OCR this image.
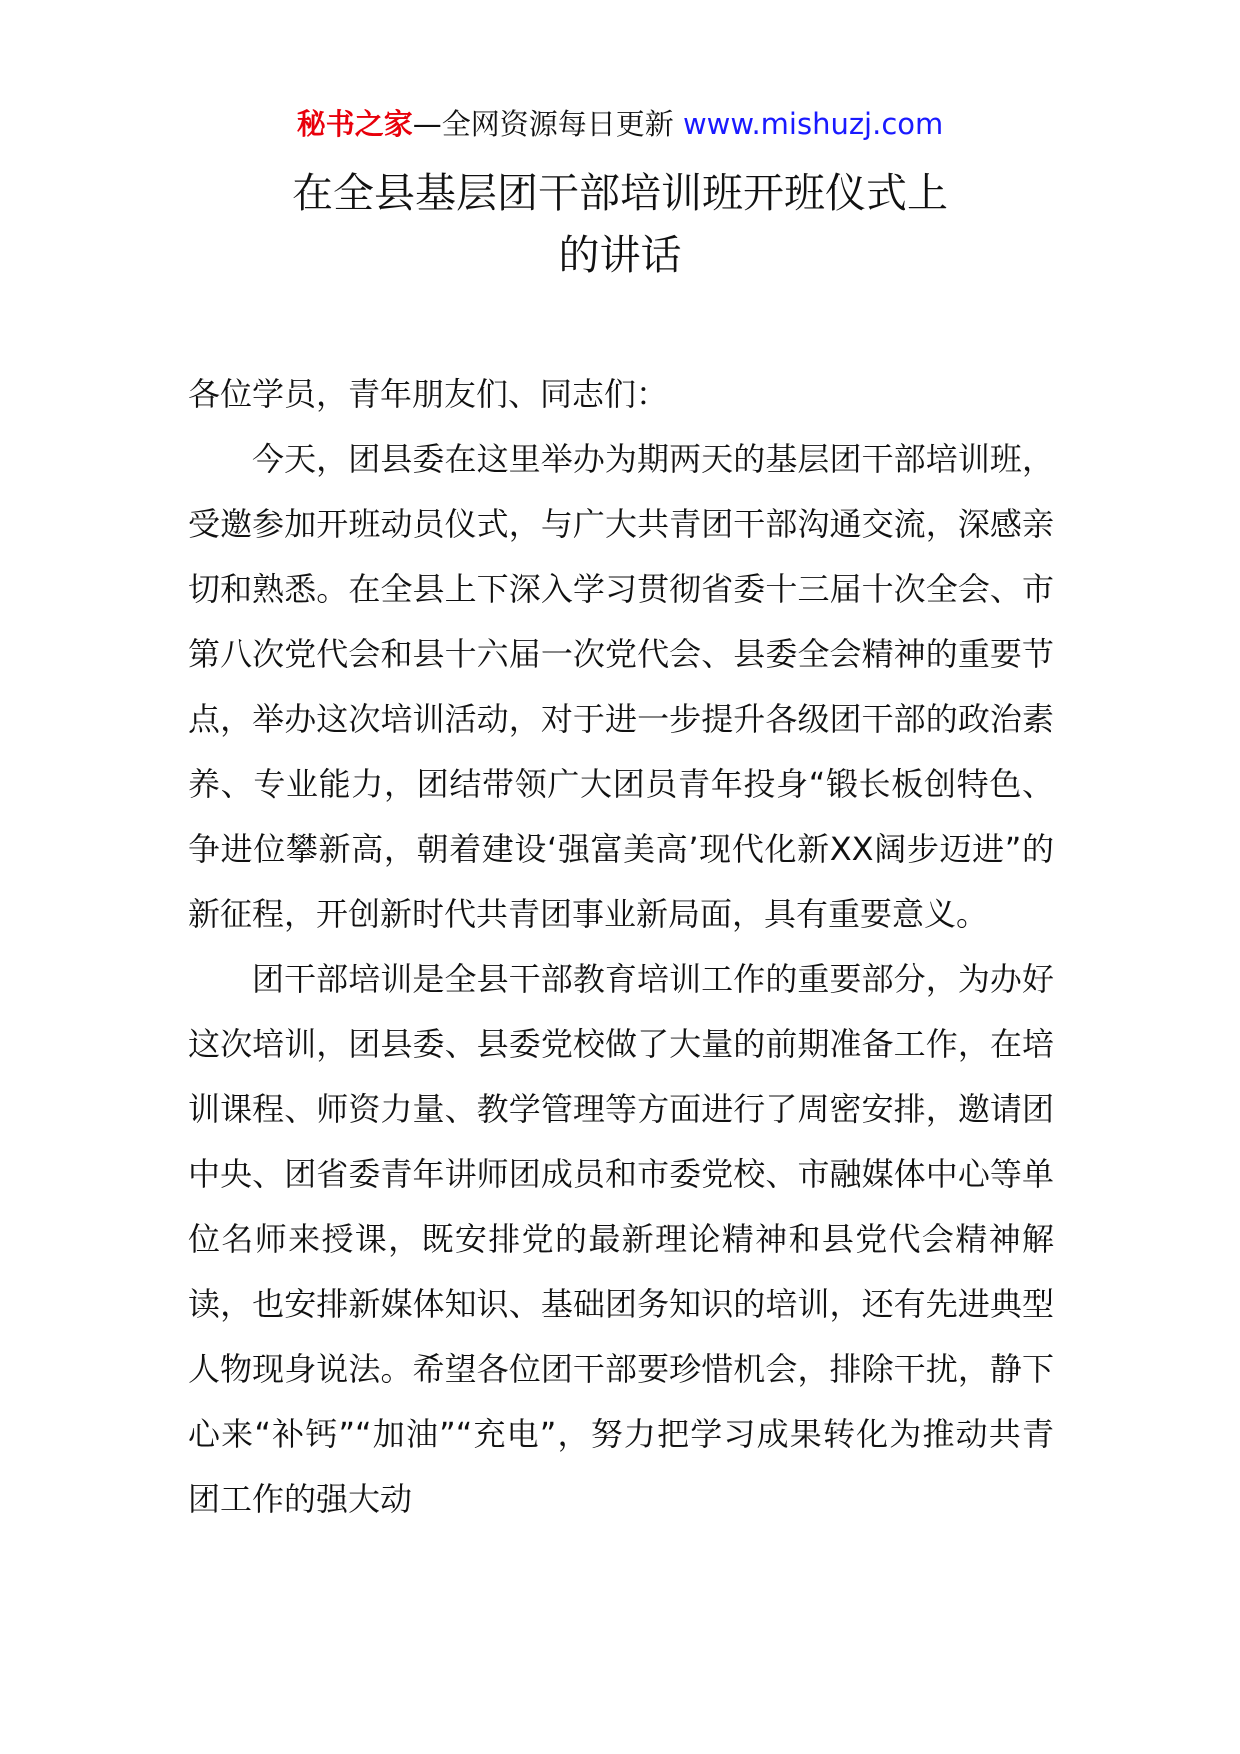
秘书之家—全网资源每日更新 www.mishuzj.com
在全县基层团干部培训班开班仪式上
的讲话

各位学员，青年朋友们、同志们：

今天，团县委在这里举办为期两天的基层团干部培训班，受邀参加开班动员仪式，与广大共青团干部沟通交流，深感亲切和熟悉。在全县上下深入学习贯彻省委十三届十次全会、市第八次党代会和县十六届一次党代会、县委全会精神的重要节点，举办这次培训活动，对于进一步提升各级团干部的政治素养、专业能力，团结带领广大团员青年投身“锻长板创特色、争进位攀新高，朝着建设‘强富美高’现代化新XX阔步迈进”的新征程，开创新时代共青团事业新局面，具有重要意义。

团干部培训是全县干部教育培训工作的重要部分，为办好这次培训，团县委、县委党校做了大量的前期准备工作，在培训课程、师资力量、教学管理等方面进行了周密安排，邀请团中央、团省委青年讲师团成员和市委党校、市融媒体中心等单位名师来授课，既安排党的最新理论精神和县党代会精神解读，也安排新媒体知识、基础团务知识的培训，还有先进典型人物现身说法。希望各位团干部要珍惜机会，排除干扰，静下心来“补钙”“加油”“充电”，努力把学习成果转化为推动共青团工作的强大动
